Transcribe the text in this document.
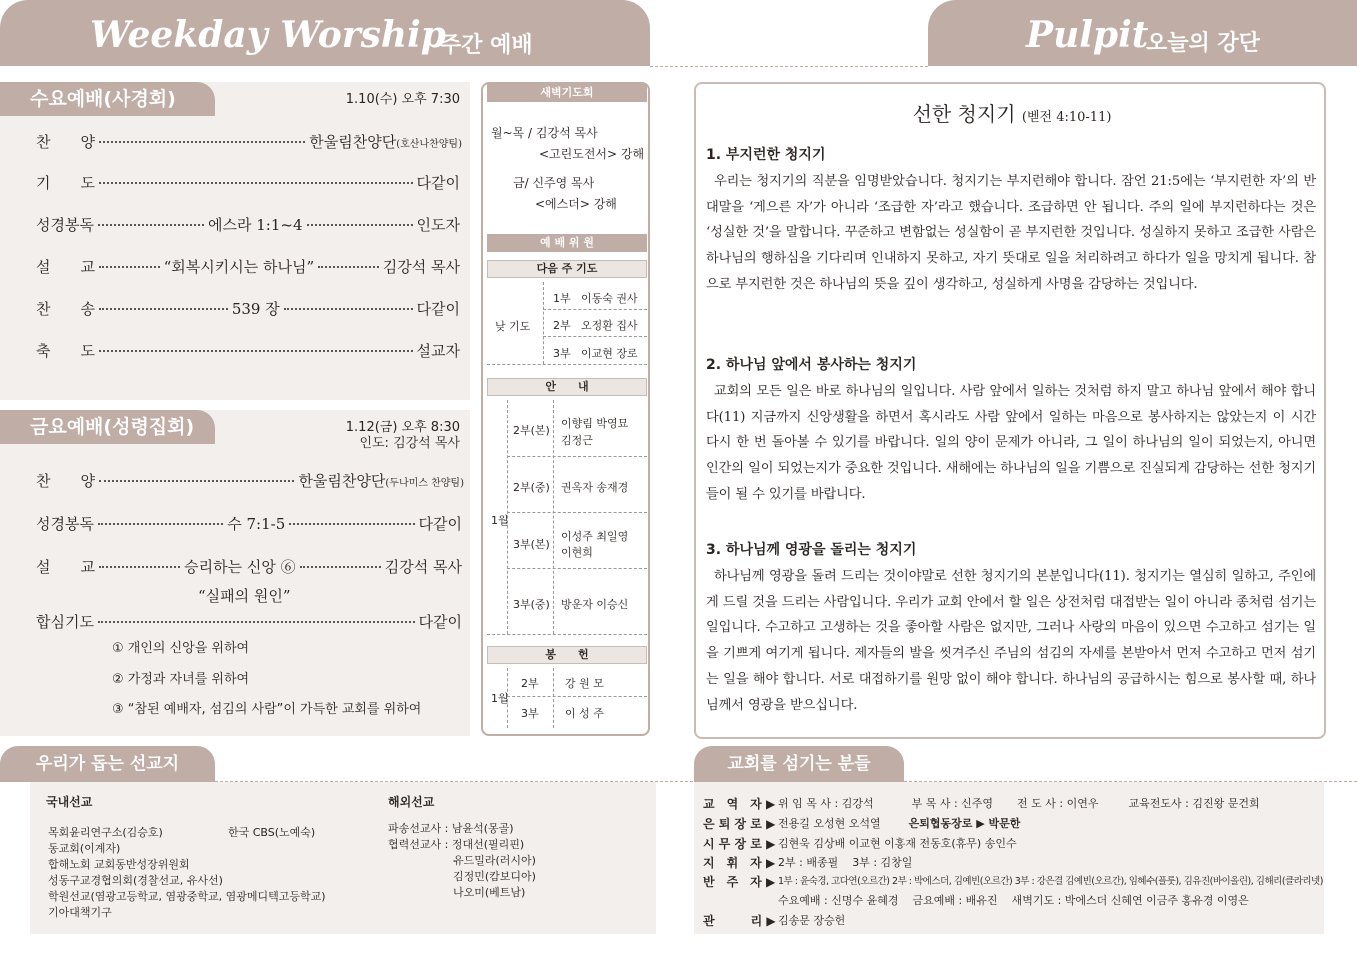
Weekday Worship
주간 예배	Pulpit
오늘의 강단
수요예배(사경회)	1.10(수) 오후 7:30
찬　　양	한울림찬양단 (호산나찬양팀)
기　　도	다같이
성경봉독	에스라 1:1~4	인도자
설　　교	“회복시키시는 하나님”	김강석 목사
찬　　송	539 장	다같이
축　　도	설교자
금요예배(성령집회)	1.12(금) 오후 8:30
인도: 김강석 목사
찬　　양	한울림찬양단 (두나미스 찬양팀)
성경봉독	수 7:1-5	다같이
설　　교	승리하는 신앙 ⑥	김강석 목사
“실패의 원인”
합심기도	다같이
① 개인의 신앙을 위하여
② 가정과 자녀를 위하여
③ “참된 예배자, 섬김의 사람”이 가득한 교회를 위하여
새벽기도회
월~목 / 김강석 목사
<고린도전서> 강해
금/ 신주영 목사
<에스더> 강해
예 배 위 원
다음 주 기도
낮 기도
1부 이동숙 권사
2부 오정환 집사
3부 이교현 장로
안　　내
1월
2부(본)
이향림 박영묘
김정근
2부(중) 권옥자 송재경
3부(본)
이성주 최일영
이현희
3부(중) 방운자 이승신
봉　　헌
1월
2부 강 원 모
3부 이 성 주
선한 청지기 (벧전 4:10-11)
1. 부지런한 청지기
우리는 청지기의 직분을 임명받았습니다. 청지기는 부지런해야 합니다. 잠언 21:5에는 ‘부지런한 자’의 반대말을 ‘게으른 자’가 아니라 ‘조급한 자’라고 했습니다. 조급하면 안 됩니다. 주의 일에 부지런하다는 것은 ‘성실한 것’을 말합니다. 꾸준하고 변함없는 성실함이 곧 부지런한 것입니다. 성실하지 못하고 조급한 사람은 하나님의 행하심을 기다리며 인내하지 못하고, 자기 뜻대로 일을 처리하려고 하다가 일을 망치게 됩니다. 참으로 부지런한 것은 하나님의 뜻을 깊이 생각하고, 성실하게 사명을 감당하는 것입니다.
2. 하나님 앞에서 봉사하는 청지기
교회의 모든 일은 바로 하나님의 일입니다. 사람 앞에서 일하는 것처럼 하지 말고 하나님 앞에서 해야 합니다(11) 지금까지 신앙생활을 하면서 혹시라도 사람 앞에서 일하는 마음으로 봉사하지는 않았는지 이 시간 다시 한 번 돌아볼 수 있기를 바랍니다. 일의 양이 문제가 아니라, 그 일이 하나님의 일이 되었는지, 아니면 인간의 일이 되었는지가 중요한 것입니다. 새해에는 하나님의 일을 기쁨으로 진실되게 감당하는 선한 청지기들이 될 수 있기를 바랍니다.
3. 하나님께 영광을 돌리는 청지기
하나님께 영광을 돌려 드리는 것이야말로 선한 청지기의 본분입니다(11). 청지기는 열심히 일하고, 주인에게 드릴 것을 드리는 사람입니다. 우리가 교회 안에서 할 일은 상전처럼 대접받는 일이 아니라 종처럼 섬기는 일입니다. 수고하고 고생하는 것을 좋아할 사람은 없지만, 그러나 사랑의 마음이 있으면 수고하고 섬기는 일을 기쁘게 여기게 됩니다. 제자들의 발을 씻겨주신 주님의 섬김의 자세를 본받아서 먼저 수고하고 먼저 섬기는 일을 해야 합니다. 서로 대접하기를 원망 없이 해야 합니다. 하나님의 공급하시는 힘으로 봉사할 때, 하나님께서 영광을 받으십니다.
우리가 돕는 선교지
국내선교
목회윤리연구소(김승호)	한국 CBS(노예숙)
동교회(이계자)
합해노회 교회동반성장위원회
성동구교경협의회(경찰선교, 유사선)
학원선교(염광고등학교, 염광중학교, 염광메디텍고등학교)
기아대책기구
해외선교
파송선교사 : 남윤석(몽골)
협력선교사 : 정대선(필리핀)
유드밀라(러시아)
김정민(캄보디아)
나오미(베트남)
교회를 섬기는 분들
교　역　자 ▶ 위 임 목 사 : 김강석	부 목 사 : 신주영 전 도 사 : 이연우	교육전도사 : 김진왕 문건희
은 퇴 장 로 ▶ 전용길 오성현 오석열	은퇴협동장로 ▶ 박문한
시 무 장 로 ▶ 김현욱 김상배 이교현 이홍재 전동호(휴무) 송인수
지　휘　자 ▶ 2부 : 배종필 3부 : 김창일
반　주　자 ▶ 1부 : 윤숙경, 고다연(오르간) 2부 : 박에스더, 김예빈(오르간) 3부 : 강은결 김예빈(오르간), 임혜수(플룻), 김유진(바이올린), 김해리(클라리넷)
수요예배 : 신명수 윤혜경 금요예배 : 배유진 새벽기도 : 박에스더 신혜연 이금주 홍유경 이영은
관　　　리 ▶ 김송문 장승헌
